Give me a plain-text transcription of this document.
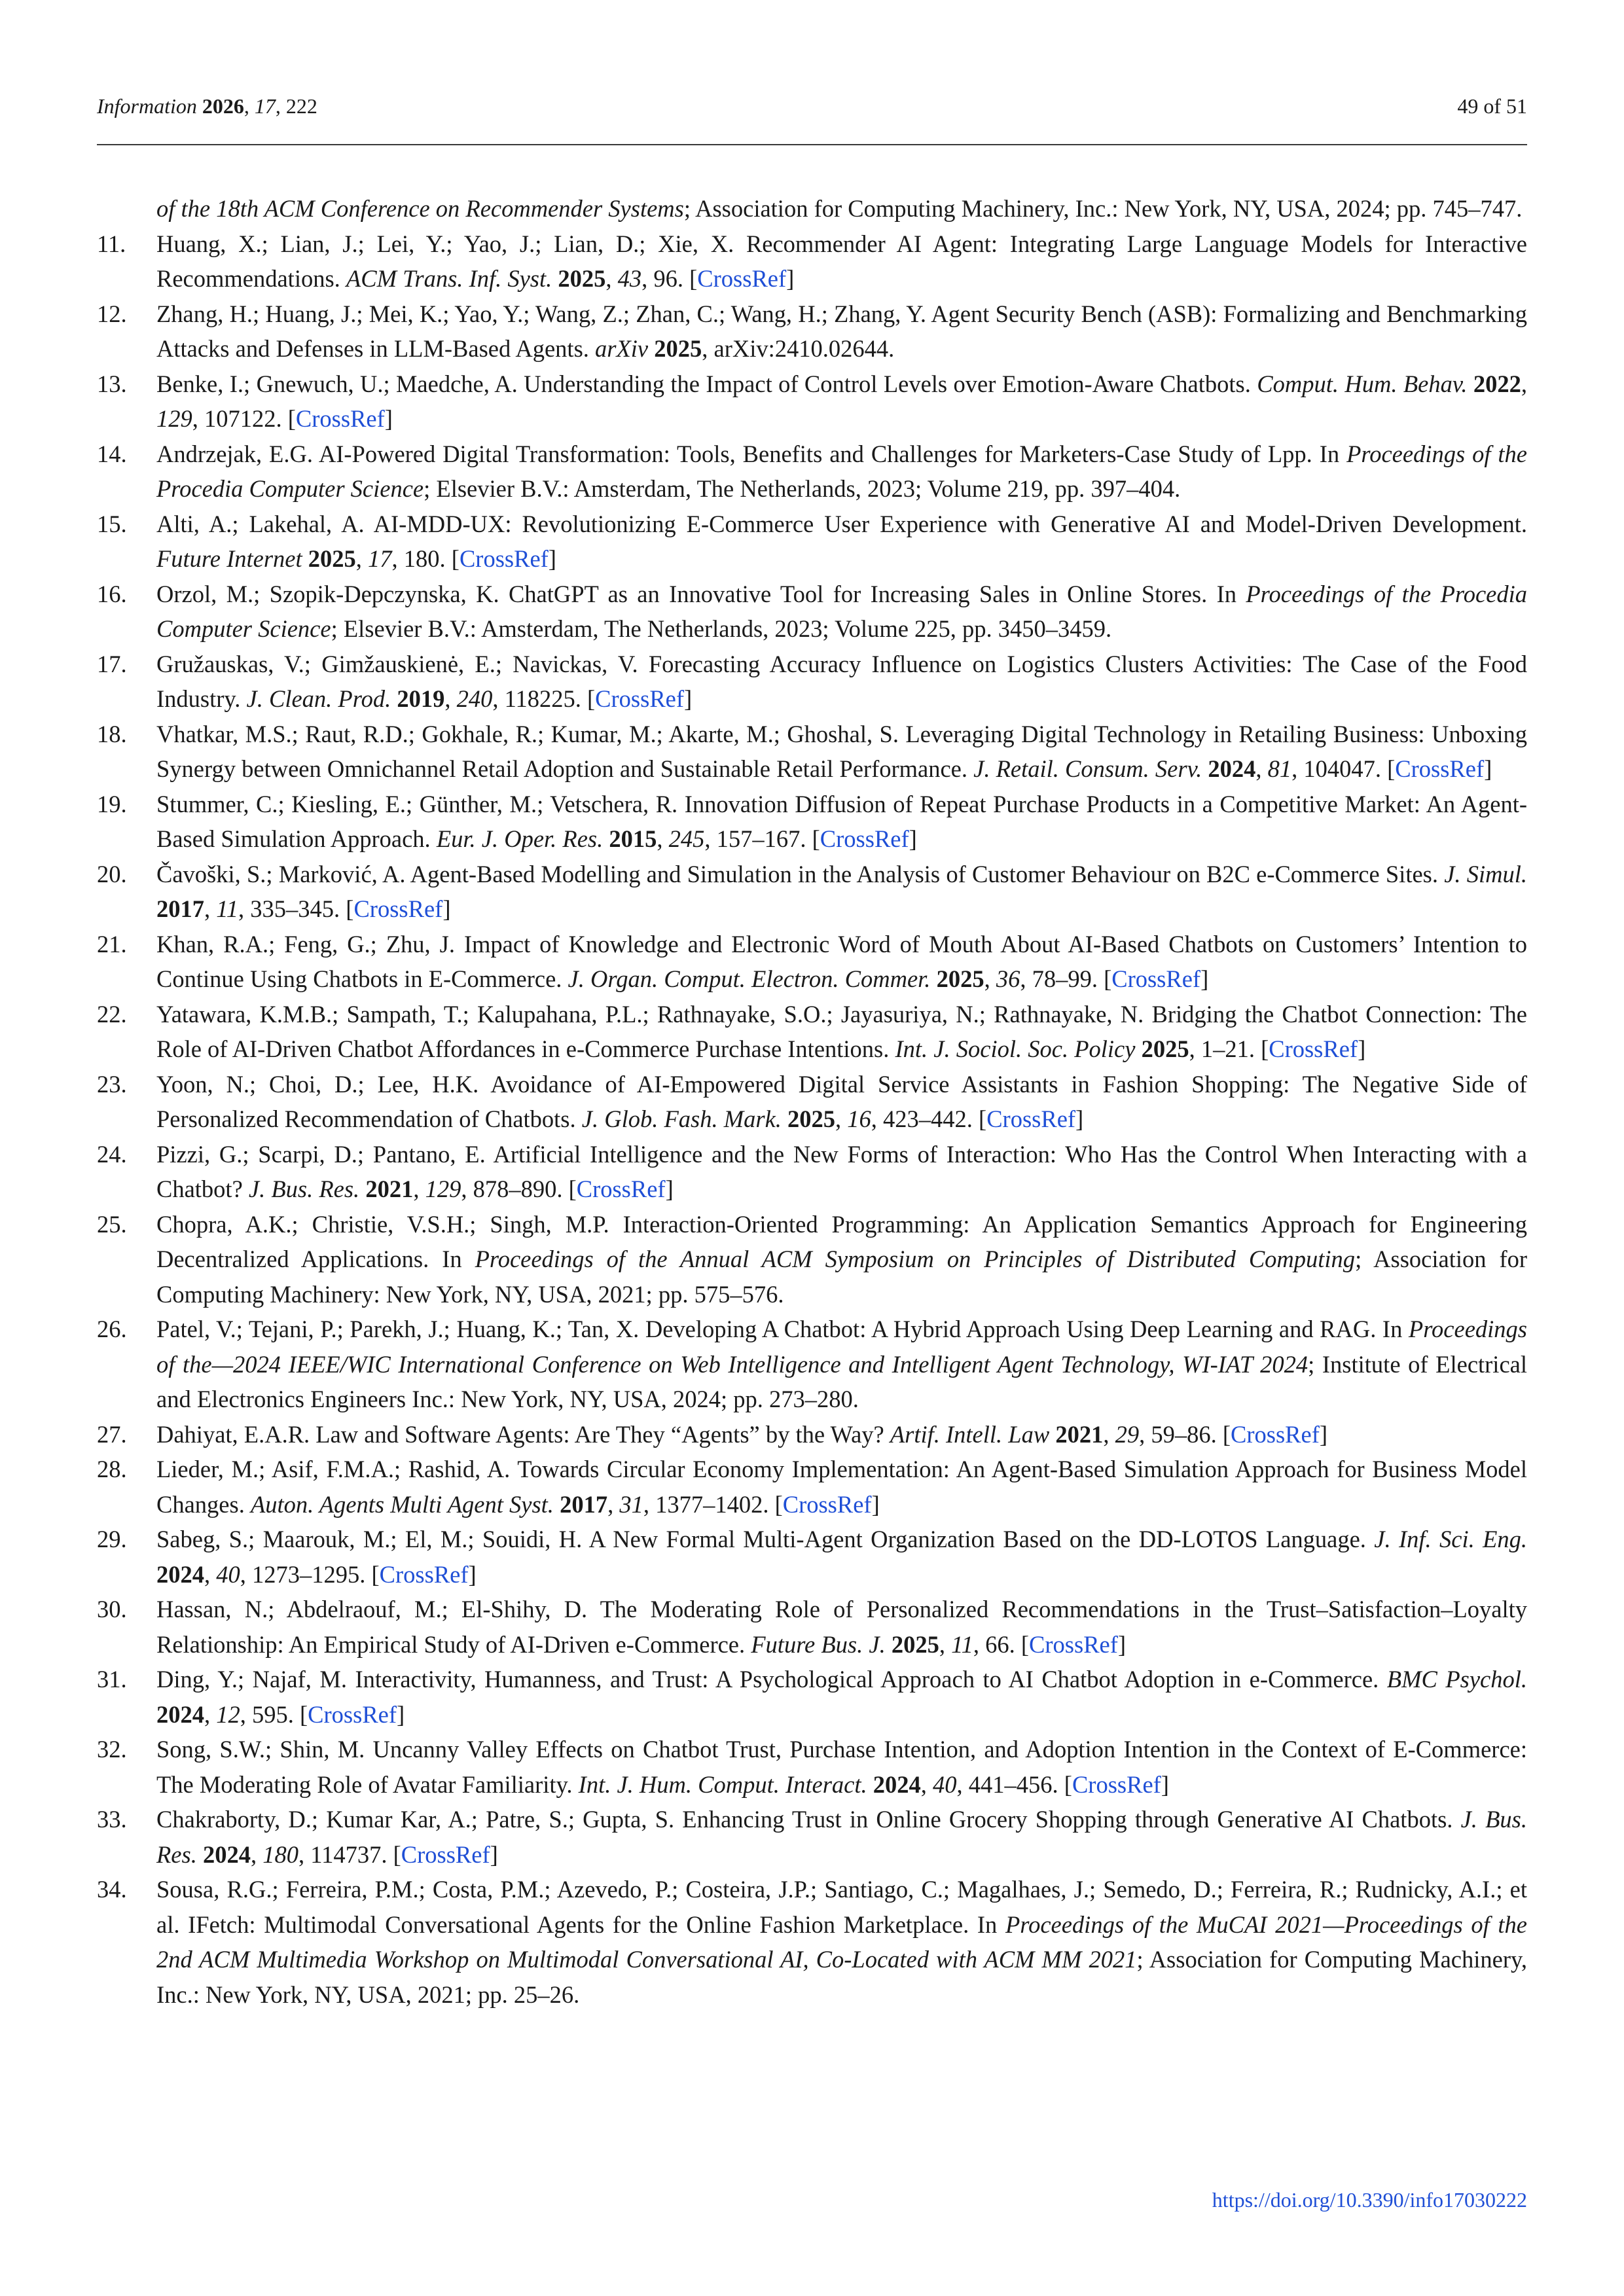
Information 2026, 17, 222	49 of 51

of the 18th ACM Conference on Recommender Systems; Association for Computing Machinery, Inc.: New York, NY, USA, 2024; pp. 745–747.

11. Huang, X.; Lian, J.; Lei, Y.; Yao, J.; Lian, D.; Xie, X. Recommender AI Agent: Integrating Large Language Models for Interactive Recommendations. ACM Trans. Inf. Syst. 2025, 43, 96. [CrossRef]

12. Zhang, H.; Huang, J.; Mei, K.; Yao, Y.; Wang, Z.; Zhan, C.; Wang, H.; Zhang, Y. Agent Security Bench (ASB): Formalizing and Benchmarking Attacks and Defenses in LLM-Based Agents. arXiv 2025, arXiv:2410.02644.

13. Benke, I.; Gnewuch, U.; Maedche, A. Understanding the Impact of Control Levels over Emotion-Aware Chatbots. Comput. Hum. Behav. 2022, 129, 107122. [CrossRef]

14. Andrzejak, E.G. AI-Powered Digital Transformation: Tools, Benefits and Challenges for Marketers-Case Study of Lpp. In Proceedings of the Procedia Computer Science; Elsevier B.V.: Amsterdam, The Netherlands, 2023; Volume 219, pp. 397–404.

15. Alti, A.; Lakehal, A. AI-MDD-UX: Revolutionizing E-Commerce User Experience with Generative AI and Model-Driven Development. Future Internet 2025, 17, 180. [CrossRef]

16. Orzol, M.; Szopik-Depczynska, K. ChatGPT as an Innovative Tool for Increasing Sales in Online Stores. In Proceedings of the Procedia Computer Science; Elsevier B.V.: Amsterdam, The Netherlands, 2023; Volume 225, pp. 3450–3459.

17. Gružauskas, V.; Gimžauskienė, E.; Navickas, V. Forecasting Accuracy Influence on Logistics Clusters Activities: The Case of the Food Industry. J. Clean. Prod. 2019, 240, 118225. [CrossRef]

18. Vhatkar, M.S.; Raut, R.D.; Gokhale, R.; Kumar, M.; Akarte, M.; Ghoshal, S. Leveraging Digital Technology in Retailing Business: Unboxing Synergy between Omnichannel Retail Adoption and Sustainable Retail Performance. J. Retail. Consum. Serv. 2024, 81, 104047. [CrossRef]

19. Stummer, C.; Kiesling, E.; Günther, M.; Vetschera, R. Innovation Diffusion of Repeat Purchase Products in a Competitive Market: An Agent-Based Simulation Approach. Eur. J. Oper. Res. 2015, 245, 157–167. [CrossRef]

20. Čavoški, S.; Marković, A. Agent-Based Modelling and Simulation in the Analysis of Customer Behaviour on B2C e-Commerce Sites. J. Simul. 2017, 11, 335–345. [CrossRef]

21. Khan, R.A.; Feng, G.; Zhu, J. Impact of Knowledge and Electronic Word of Mouth About AI-Based Chatbots on Customers’ Intention to Continue Using Chatbots in E-Commerce. J. Organ. Comput. Electron. Commer. 2025, 36, 78–99. [CrossRef]

22. Yatawara, K.M.B.; Sampath, T.; Kalupahana, P.L.; Rathnayake, S.O.; Jayasuriya, N.; Rathnayake, N. Bridging the Chatbot Connection: The Role of AI-Driven Chatbot Affordances in e-Commerce Purchase Intentions. Int. J. Sociol. Soc. Policy 2025, 1–21. [CrossRef]

23. Yoon, N.; Choi, D.; Lee, H.K. Avoidance of AI-Empowered Digital Service Assistants in Fashion Shopping: The Negative Side of Personalized Recommendation of Chatbots. J. Glob. Fash. Mark. 2025, 16, 423–442. [CrossRef]

24. Pizzi, G.; Scarpi, D.; Pantano, E. Artificial Intelligence and the New Forms of Interaction: Who Has the Control When Interacting with a Chatbot? J. Bus. Res. 2021, 129, 878–890. [CrossRef]

25. Chopra, A.K.; Christie, V.S.H.; Singh, M.P. Interaction-Oriented Programming: An Application Semantics Approach for Engineering Decentralized Applications. In Proceedings of the Annual ACM Symposium on Principles of Distributed Computing; Association for Computing Machinery: New York, NY, USA, 2021; pp. 575–576.

26. Patel, V.; Tejani, P.; Parekh, J.; Huang, K.; Tan, X. Developing A Chatbot: A Hybrid Approach Using Deep Learning and RAG. In Proceedings of the—2024 IEEE/WIC International Conference on Web Intelligence and Intelligent Agent Technology, WI-IAT 2024; Institute of Electrical and Electronics Engineers Inc.: New York, NY, USA, 2024; pp. 273–280.

27. Dahiyat, E.A.R. Law and Software Agents: Are They “Agents” by the Way? Artif. Intell. Law 2021, 29, 59–86. [CrossRef]

28. Lieder, M.; Asif, F.M.A.; Rashid, A. Towards Circular Economy Implementation: An Agent-Based Simulation Approach for Business Model Changes. Auton. Agents Multi Agent Syst. 2017, 31, 1377–1402. [CrossRef]

29. Sabeg, S.; Maarouk, M.; El, M.; Souidi, H. A New Formal Multi-Agent Organization Based on the DD-LOTOS Language. J. Inf. Sci. Eng. 2024, 40, 1273–1295. [CrossRef]

30. Hassan, N.; Abdelraouf, M.; El-Shihy, D. The Moderating Role of Personalized Recommendations in the Trust–Satisfaction–Loyalty Relationship: An Empirical Study of AI-Driven e-Commerce. Future Bus. J. 2025, 11, 66. [CrossRef]

31. Ding, Y.; Najaf, M. Interactivity, Humanness, and Trust: A Psychological Approach to AI Chatbot Adoption in e-Commerce. BMC Psychol. 2024, 12, 595. [CrossRef]

32. Song, S.W.; Shin, M. Uncanny Valley Effects on Chatbot Trust, Purchase Intention, and Adoption Intention in the Context of E-Commerce: The Moderating Role of Avatar Familiarity. Int. J. Hum. Comput. Interact. 2024, 40, 441–456. [CrossRef]

33. Chakraborty, D.; Kumar Kar, A.; Patre, S.; Gupta, S. Enhancing Trust in Online Grocery Shopping through Generative AI Chatbots. J. Bus. Res. 2024, 180, 114737. [CrossRef]

34. Sousa, R.G.; Ferreira, P.M.; Costa, P.M.; Azevedo, P.; Costeira, J.P.; Santiago, C.; Magalhaes, J.; Semedo, D.; Ferreira, R.; Rudnicky, A.I.; et al. IFetch: Multimodal Conversational Agents for the Online Fashion Marketplace. In Proceedings of the MuCAI 2021—Proceedings of the 2nd ACM Multimedia Workshop on Multimodal Conversational AI, Co-Located with ACM MM 2021; Association for Computing Machinery, Inc.: New York, NY, USA, 2021; pp. 25–26.

https://doi.org/10.3390/info17030222
